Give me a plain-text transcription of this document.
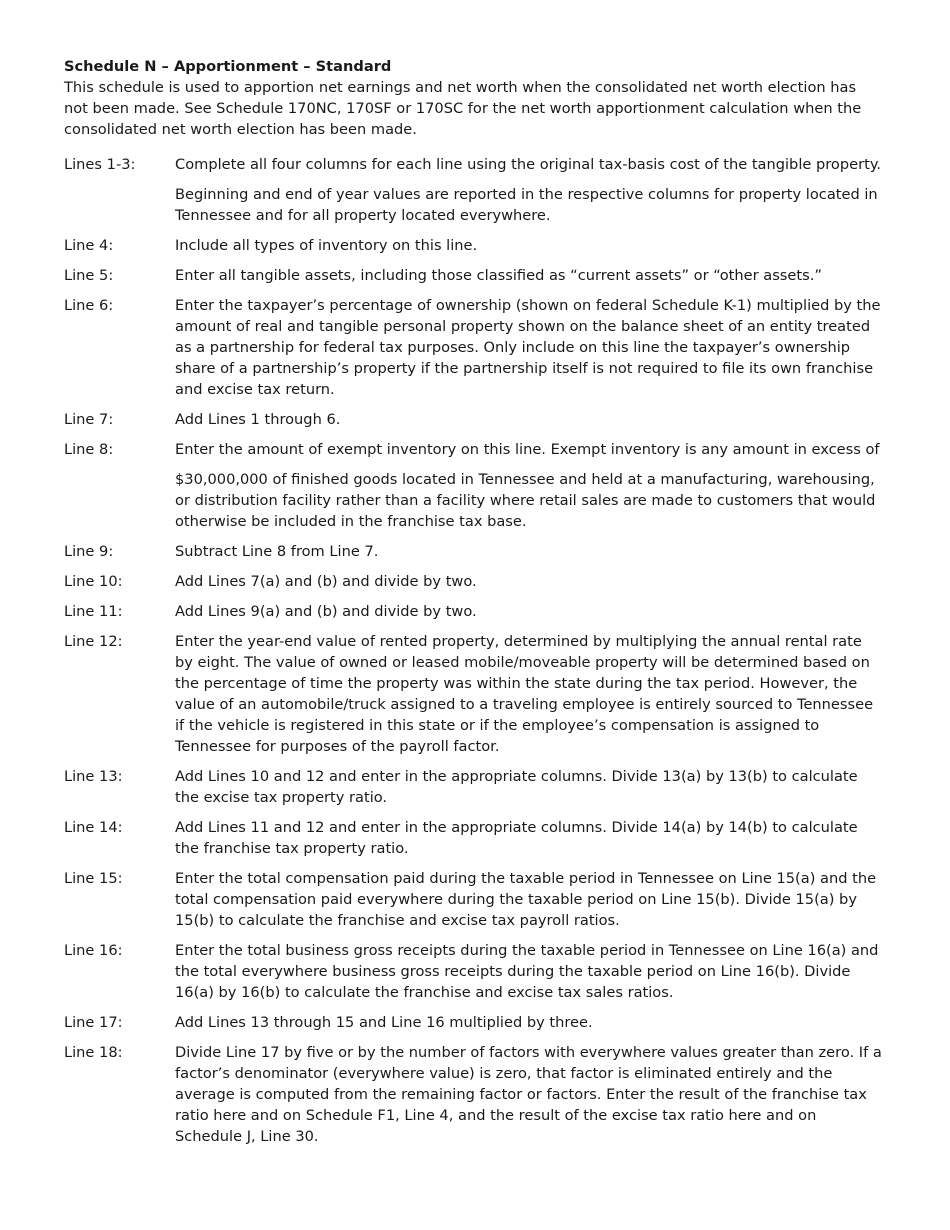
Schedule N – Apportionment – Standard

This schedule is used to apportion net earnings and net worth when the consolidated net worth election has not been made. See Schedule 170NC, 170SF or 170SC for the net worth apportionment calculation when the consolidated net worth election has been made.

Lines 1-3:	Complete all four columns for each line using the original tax-basis cost of the tangible property.

Beginning and end of year values are reported in the respective columns for property located in Tennessee and for all property located everywhere.

Line 4:	Include all types of inventory on this line.

Line 5:	Enter all tangible assets, including those classified as “current assets” or “other assets.”

Line 6:	Enter the taxpayer’s percentage of ownership (shown on federal Schedule K-1) multiplied by the amount of real and tangible personal property shown on the balance sheet of an entity treated as a partnership for federal tax purposes. Only include on this line the taxpayer’s ownership share of a partnership’s property if the partnership itself is not required to file its own franchise and excise tax return.

Line 7:	Add Lines 1 through 6.

Line 8:	Enter the amount of exempt inventory on this line. Exempt inventory is any amount in excess of

$30,000,000 of finished goods located in Tennessee and held at a manufacturing, warehousing, or distribution facility rather than a facility where retail sales are made to customers that would otherwise be included in the franchise tax base.

Line 9:	Subtract Line 8 from Line 7.

Line 10:	Add Lines 7(a) and (b) and divide by two.

Line 11:	Add Lines 9(a) and (b) and divide by two.

Line 12:	Enter the year-end value of rented property, determined by multiplying the annual rental rate by eight. The value of owned or leased mobile/moveable property will be determined based on the percentage of time the property was within the state during the tax period. However, the value of an automobile/truck assigned to a traveling employee is entirely sourced to Tennessee if the vehicle is registered in this state or if the employee’s compensation is assigned to Tennessee for purposes of the payroll factor.

Line 13:	Add Lines 10 and 12 and enter in the appropriate columns. Divide 13(a) by 13(b) to calculate the excise tax property ratio.

Line 14:	Add Lines 11 and 12 and enter in the appropriate columns. Divide 14(a) by 14(b) to calculate the franchise tax property ratio.

Line 15:	Enter the total compensation paid during the taxable period in Tennessee on Line 15(a) and the total compensation paid everywhere during the taxable period on Line 15(b). Divide 15(a) by 15(b) to calculate the franchise and excise tax payroll ratios.

Line 16:	Enter the total business gross receipts during the taxable period in Tennessee on Line 16(a) and the total everywhere business gross receipts during the taxable period on Line 16(b). Divide 16(a) by 16(b) to calculate the franchise and excise tax sales ratios.

Line 17:	Add Lines 13 through 15 and Line 16 multiplied by three.

Line 18:	Divide Line 17 by five or by the number of factors with everywhere values greater than zero. If a factor’s denominator (everywhere value) is zero, that factor is eliminated entirely and the average is computed from the remaining factor or factors. Enter the result of the franchise tax ratio here and on Schedule F1, Line 4, and the result of the excise tax ratio here and on Schedule J, Line 30.
